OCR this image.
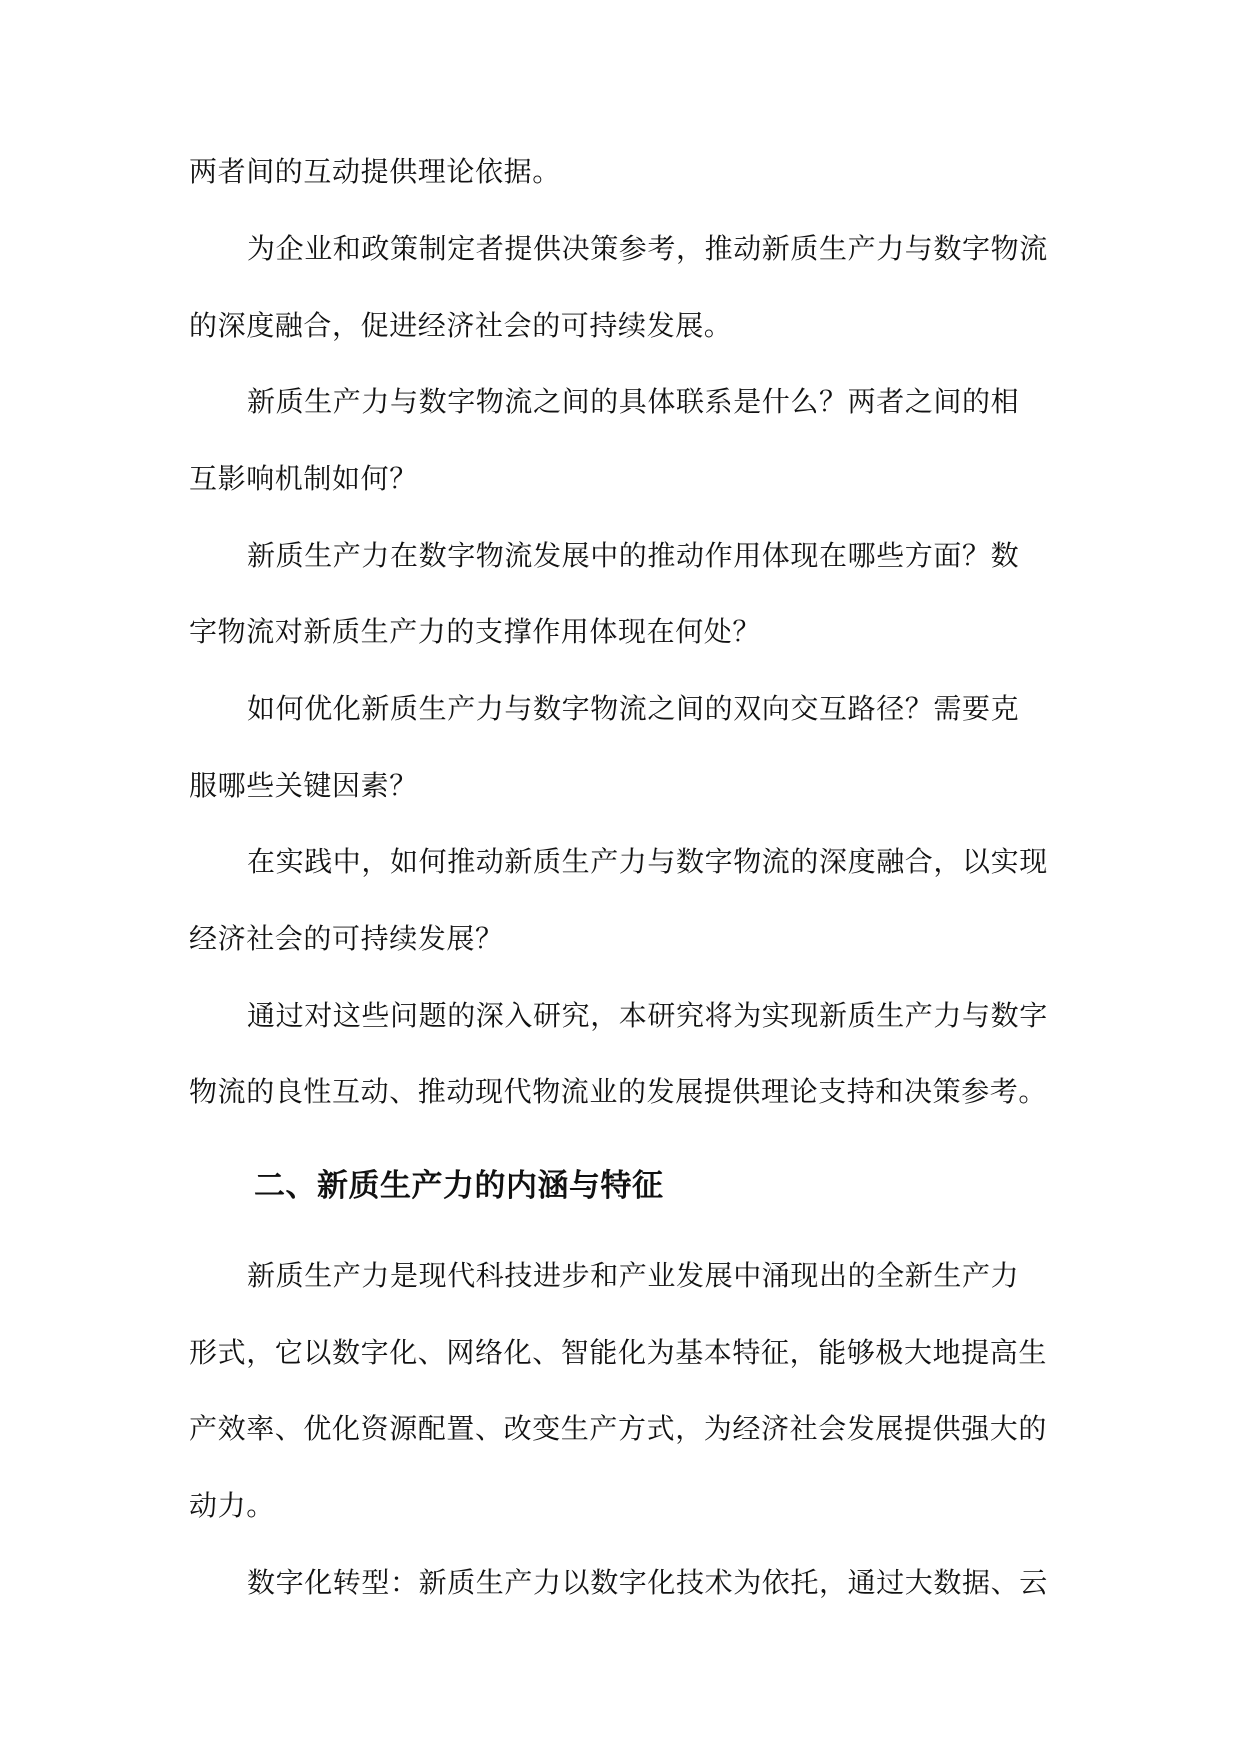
两者间的互动提供理论依据。
为企业和政策制定者提供决策参考，推动新质生产力与数字物流
的深度融合，促进经济社会的可持续发展。
新质生产力与数字物流之间的具体联系是什么？两者之间的相
互影响机制如何？
新质生产力在数字物流发展中的推动作用体现在哪些方面？数
字物流对新质生产力的支撑作用体现在何处？
如何优化新质生产力与数字物流之间的双向交互路径？需要克
服哪些关键因素？
在实践中，如何推动新质生产力与数字物流的深度融合，以实现
经济社会的可持续发展？
通过对这些问题的深入研究，本研究将为实现新质生产力与数字
物流的良性互动、推动现代物流业的发展提供理论支持和决策参考。
二、新质生产力的内涵与特征
新质生产力是现代科技进步和产业发展中涌现出的全新生产力
形式，它以数字化、网络化、智能化为基本特征，能够极大地提高生
产效率、优化资源配置、改变生产方式，为经济社会发展提供强大的
动力。
数字化转型：新质生产力以数字化技术为依托，通过大数据、云
